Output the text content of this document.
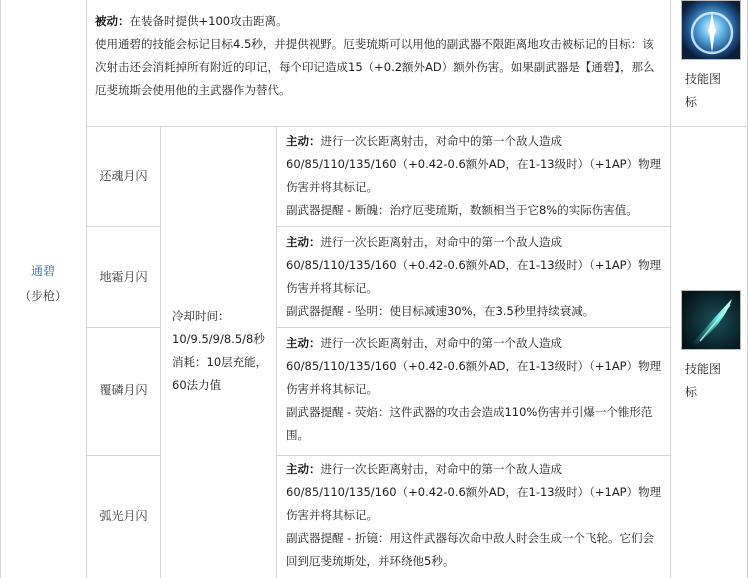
被动：在装备时提供+100攻击距离。

使用通碧的技能会标记目标4.5秒，并提供视野。厄斐琉斯可以用他的副武器不限距离地攻击被标记的目标：该次射击还会消耗掉所有附近的印记，每个印记造成15（+0.2额外AD）额外伤害。如果副武器是【通碧】，那么厄斐琉斯会使用他的主武器作为替代。

技能图标
通碧
（步枪）
还魂月闪
地霜月闪
覆磷月闪
弧光月闪

冷却时间：10/9.5/9/8.5/8秒

消耗：10层充能，60法力值

主动：进行一次长距离射击，对命中的第一个敌人造成60/85/110/135/160（+0.42-0.6额外AD，在1-13级时）（+1AP）物理伤害并将其标记。

副武器提醒 - 断魄：治疗厄斐琉斯，数额相当于它8%的实际伤害值。

主动：进行一次长距离射击，对命中的第一个敌人造成60/85/110/135/160（+0.42-0.6额外AD，在1-13级时）（+1AP）物理伤害并将其标记。

副武器提醒 - 坠明：使目标减速30%，在3.5秒里持续衰减。

主动：进行一次长距离射击，对命中的第一个敌人造成60/85/110/135/160（+0.42-0.6额外AD，在1-13级时）（+1AP）物理伤害并将其标记。

副武器提醒 - 荧焰：这件武器的攻击会造成110%伤害并引爆一个锥形范围。

主动：进行一次长距离射击，对命中的第一个敌人造成60/85/110/135/160（+0.42-0.6额外AD，在1-13级时）（+1AP）物理伤害并将其标记。

副武器提醒 - 折镜：用这件武器每次命中敌人时会生成一个飞轮。它们会回到厄斐琉斯处，并环绕他5秒。

技能图标
